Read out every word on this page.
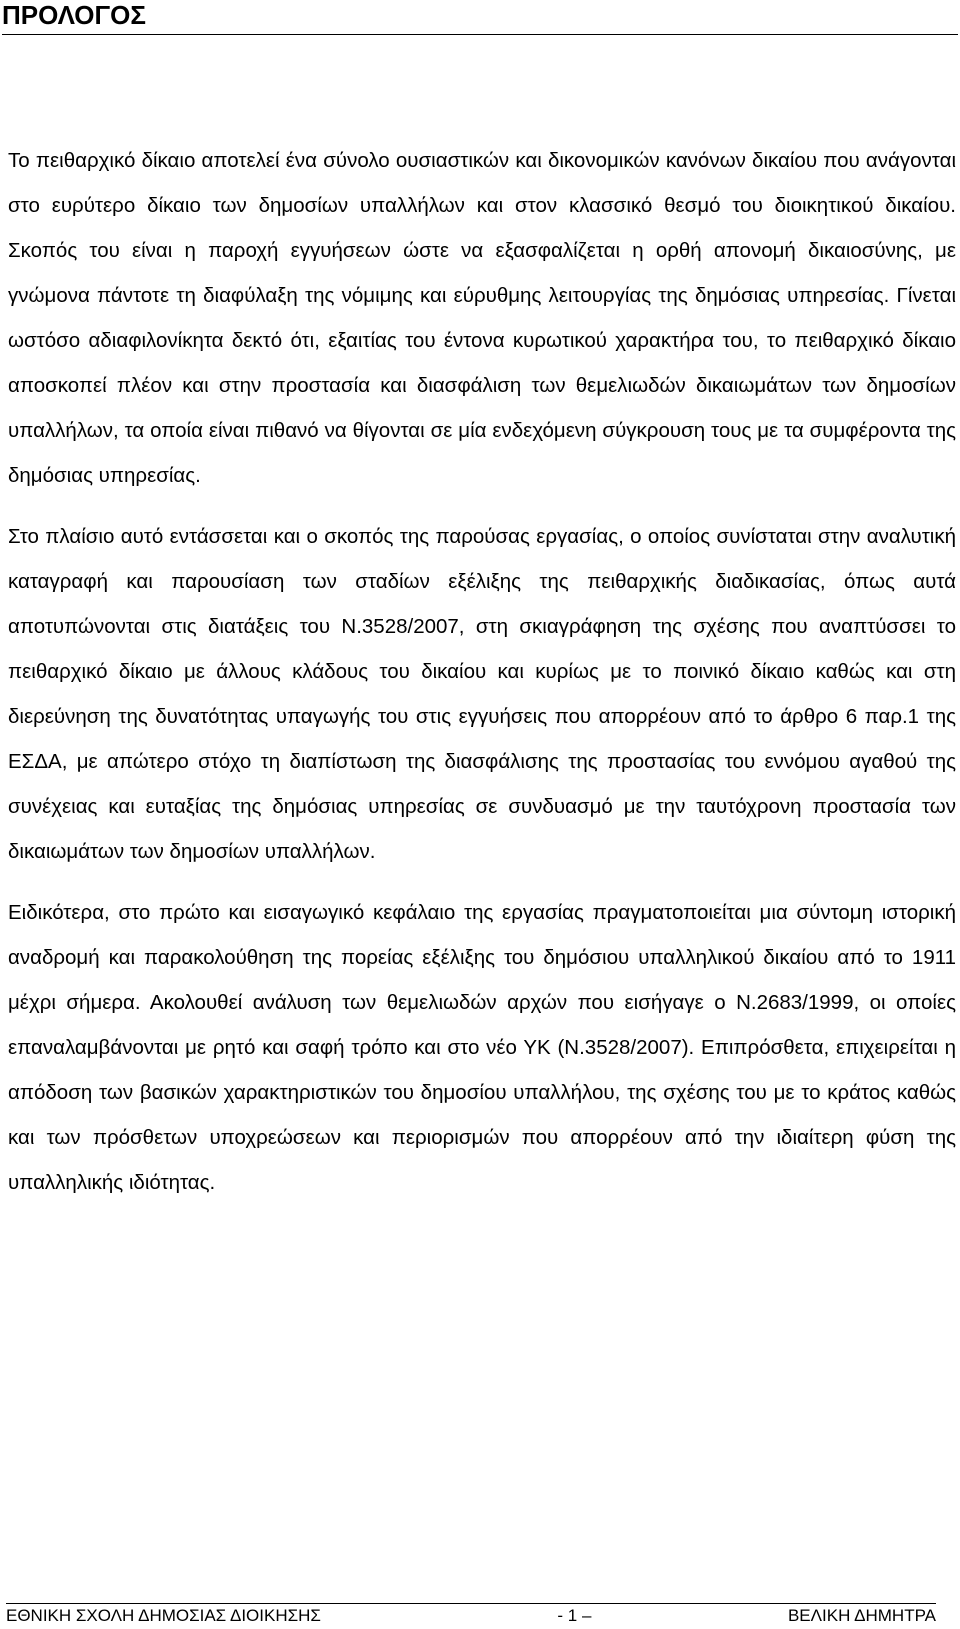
ΠΡΟΛΟΓΟΣ

Το πειθαρχικό δίκαιο αποτελεί ένα σύνολο ουσιαστικών και δικονομικών κανόνων δικαίου που ανάγονται στο ευρύτερο δίκαιο των δημοσίων υπαλλήλων και στον κλασσικό θεσμό του διοικητικού δικαίου. Σκοπός του είναι η παροχή εγγυήσεων ώστε να εξασφαλίζεται η ορθή απονομή δικαιοσύνης, με γνώμονα πάντοτε τη διαφύλαξη της νόμιμης και εύρυθμης λειτουργίας της δημόσιας υπηρεσίας. Γίνεται ωστόσο αδιαφιλονίκητα δεκτό ότι, εξαιτίας του έντονα κυρωτικού χαρακτήρα του, το πειθαρχικό δίκαιο αποσκοπεί πλέον και στην προστασία και διασφάλιση των θεμελιωδών δικαιωμάτων των δημοσίων υπαλλήλων, τα οποία είναι πιθανό να θίγονται σε μία ενδεχόμενη σύγκρουση τους με τα συμφέροντα της δημόσιας υπηρεσίας.

Στο πλαίσιο αυτό εντάσσεται και ο σκοπός της παρούσας εργασίας, ο οποίος συνίσταται στην αναλυτική καταγραφή και παρουσίαση των σταδίων εξέλιξης της πειθαρχικής διαδικασίας, όπως αυτά αποτυπώνονται στις διατάξεις του Ν.3528/2007, στη σκιαγράφηση της σχέσης που αναπτύσσει το πειθαρχικό δίκαιο με άλλους κλάδους του δικαίου και κυρίως με το ποινικό δίκαιο καθώς και στη διερεύνηση της δυνατότητας υπαγωγής του στις εγγυήσεις που απορρέουν από το άρθρο 6 παρ.1 της ΕΣΔΑ, με απώτερο στόχο τη διαπίστωση της διασφάλισης της προστασίας του εννόμου αγαθού της συνέχειας και ευταξίας της δημόσιας υπηρεσίας σε συνδυασμό με την ταυτόχρονη προστασία των δικαιωμάτων των δημοσίων υπαλλήλων.

Ειδικότερα, στο πρώτο και εισαγωγικό κεφάλαιο της εργασίας πραγματοποιείται μια σύντομη ιστορική αναδρομή και παρακολούθηση της πορείας εξέλιξης του δημόσιου υπαλληλικού δικαίου από το 1911 μέχρι σήμερα. Ακολουθεί ανάλυση των θεμελιωδών αρχών που εισήγαγε ο Ν.2683/1999, οι οποίες επαναλαμβάνονται με ρητό και σαφή τρόπο και στο νέο ΥΚ (Ν.3528/2007). Επιπρόσθετα, επιχειρείται η απόδοση των βασικών χαρακτηριστικών του δημοσίου υπαλλήλου, της σχέσης του με το κράτος καθώς και των πρόσθετων υποχρεώσεων και περιορισμών που απορρέουν από την ιδιαίτερη φύση της υπαλληλικής ιδιότητας.

ΕΘΝΙΚΗ ΣΧΟΛΗ ΔΗΜΟΣΙΑΣ ΔΙΟΙΚΗΣΗΣ	- 1 –	ΒΕΛΙΚΗ ΔΗΜΗΤΡΑ
